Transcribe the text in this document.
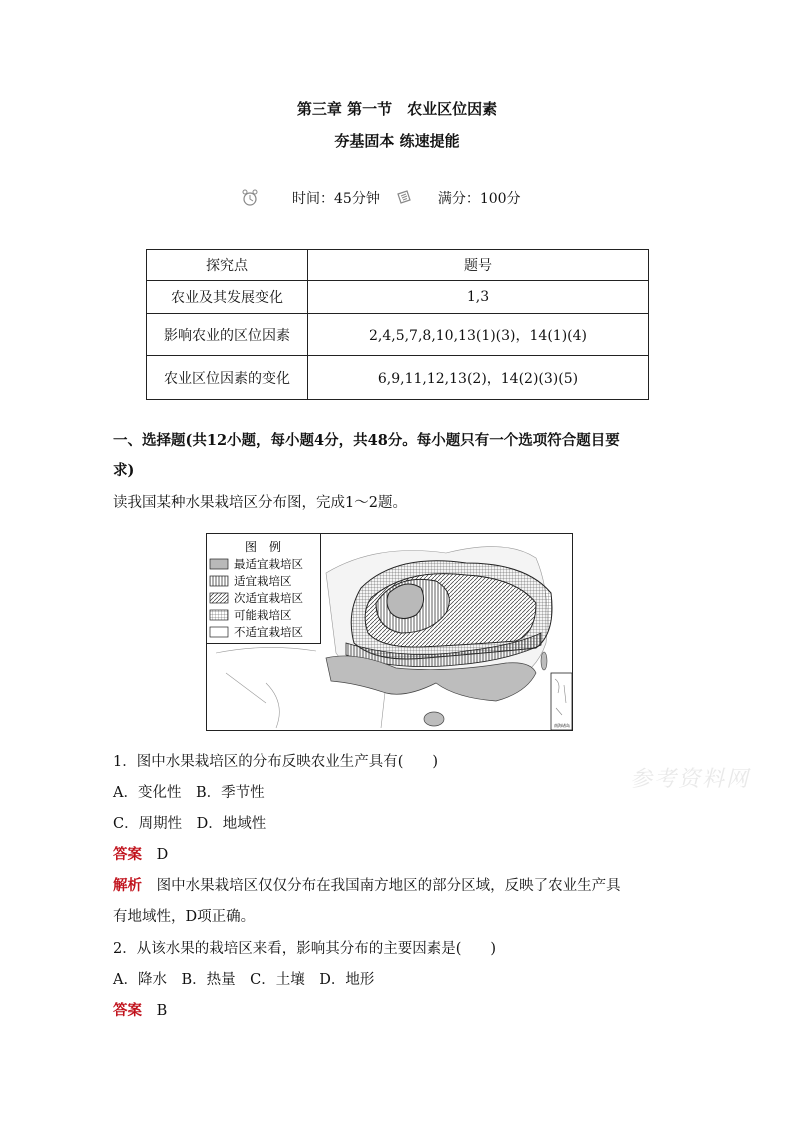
第三章 第一节　农业区位因素
夯基固本 练速提能
时间：45分钟	满分：100分
探究点	题号
农业及其发展变化	1,3
影响农业的区位因素	2,4,5,7,8,10,13(1)(3)，14(1)(4)
农业区位因素的变化	6,9,11,12,13(2)，14(2)(3)(5)
一、选择题(共12小题，每小题4分，共48分。每小题只有一个选项符合题目要
求)
读我国某种水果栽培区分布图，完成1～2题。
图　例
最适宜栽培区
适宜栽培区
次适宜栽培区
可能栽培区
不适宜栽培区
南海诸岛
1．图中水果栽培区的分布反映农业生产具有(　　)
A．变化性　B．季节性
C．周期性　D．地域性
答案 D
解析 图中水果栽培区仅仅分布在我国南方地区的部分区域，反映了农业生产具
有地域性，D项正确。
2．从该水果的栽培区来看，影响其分布的主要因素是(　　)
A．降水　B．热量　C．土壤　D．地形
答案 B
参考资料网
